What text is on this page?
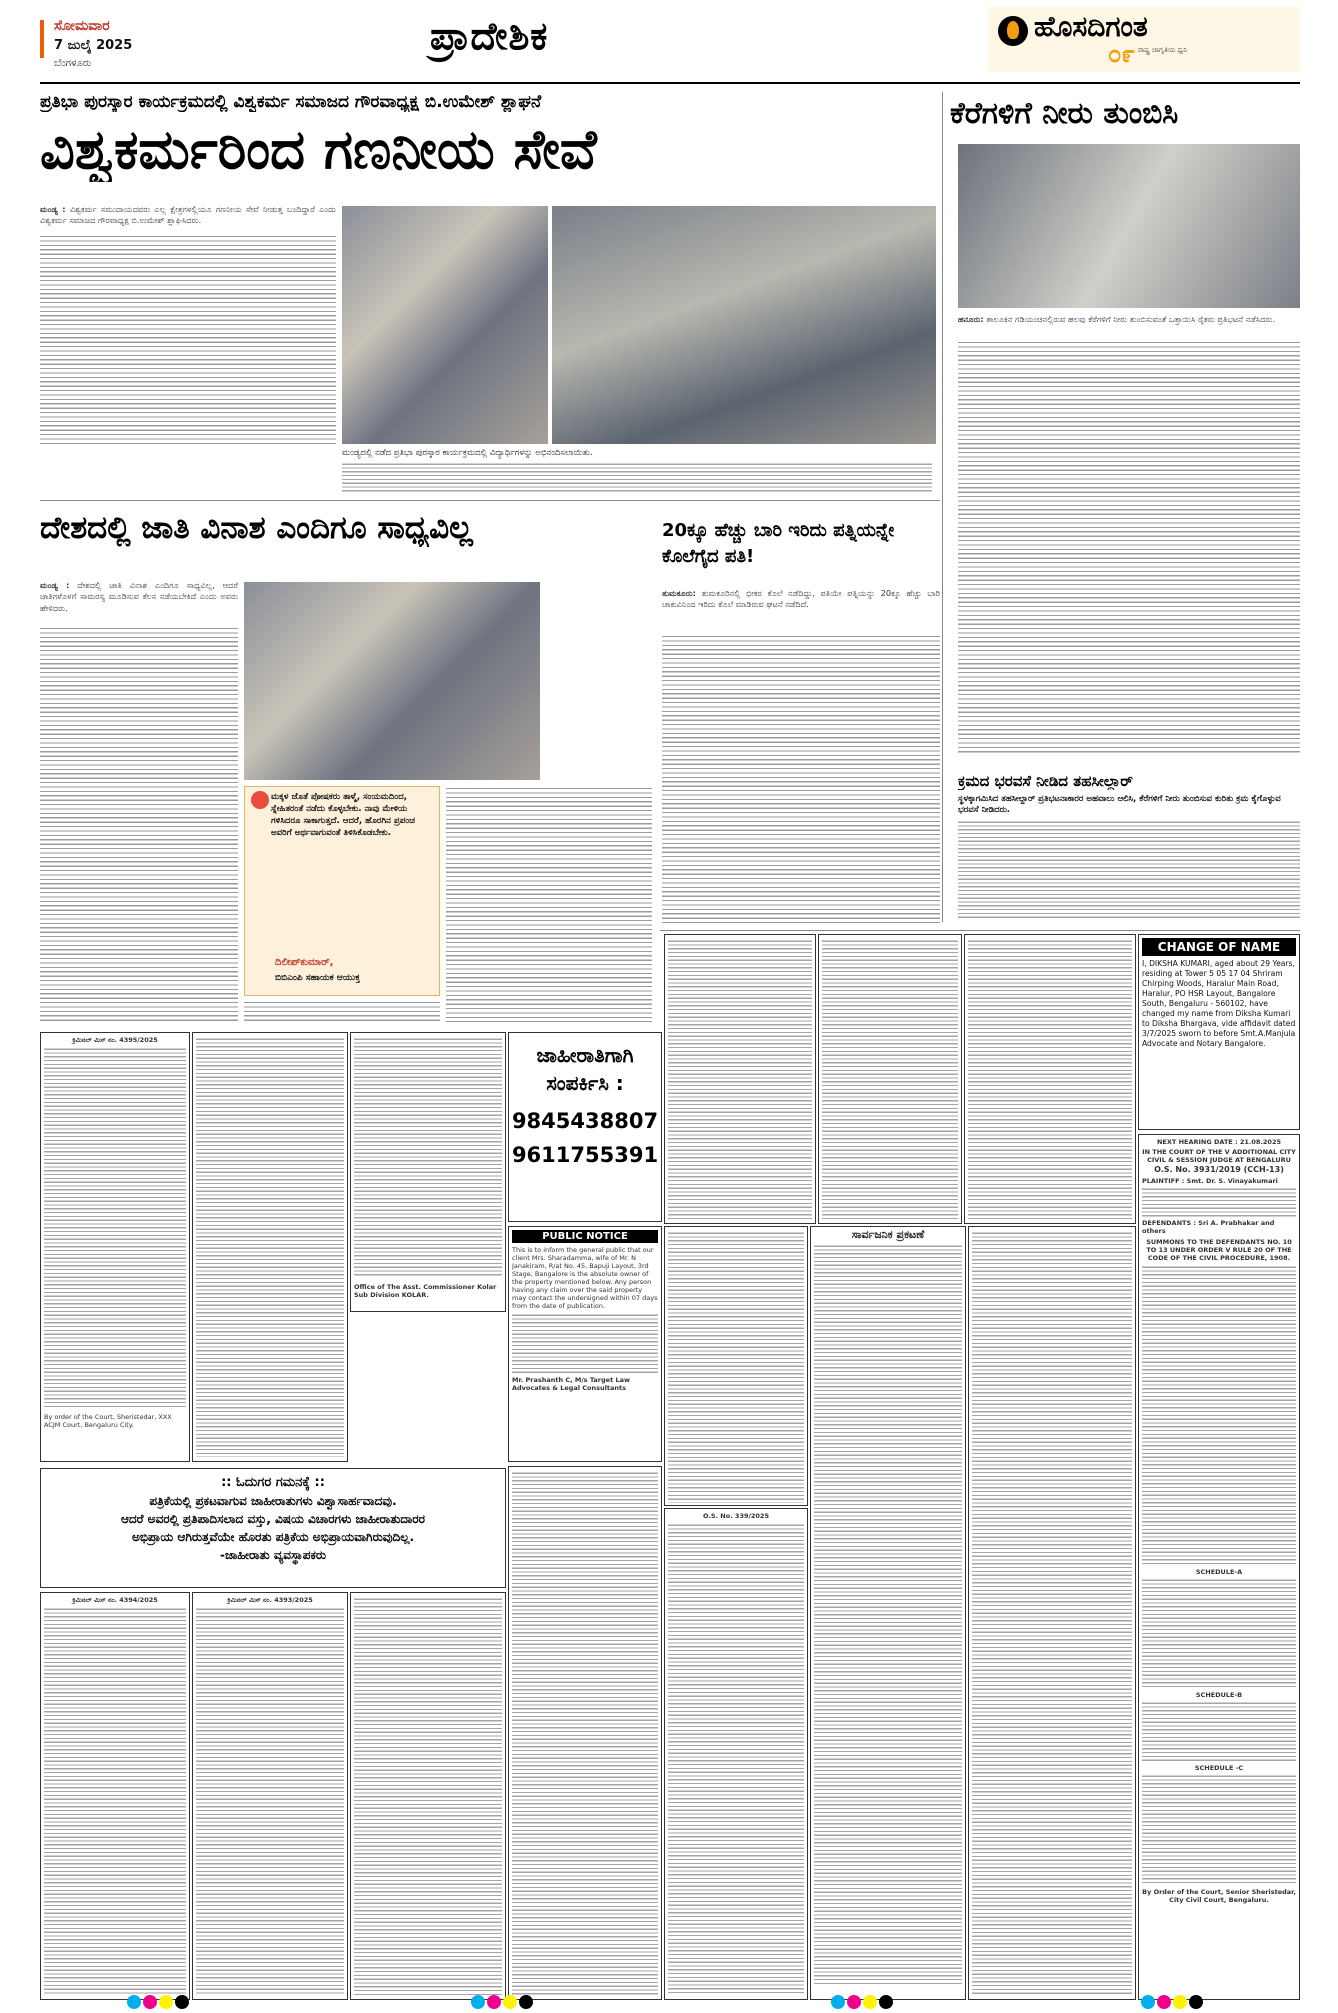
ಸೋಮವಾರ
7 ಜುಲೈ 2025
ಬೆಂಗಳೂರು
ಪ್ರಾದೇಶಿಕ	ಹೊಸದಿಗಂತ
ರಾಷ್ಟ್ರ ಜಾಗೃತಿಯ ಧ್ವನಿ
೦೯
ಪ್ರತಿಭಾ ಪುರಸ್ಕಾರ ಕಾರ್ಯಕ್ರಮದಲ್ಲಿ ವಿಶ್ವಕರ್ಮ ಸಮಾಜದ ಗೌರವಾಧ್ಯಕ್ಷ ಬಿ.ಉಮೇಶ್ ಶ್ಲಾಘನೆ
ವಿಶ್ವಕರ್ಮರಿಂದ ಗಣನೀಯ ಸೇವೆ
ಮಂಡ್ಯ : ವಿಶ್ವಕರ್ಮ ಸಮುದಾಯದವರು ಎಲ್ಲ ಕ್ಷೇತ್ರಗಳಲ್ಲಿಯೂ ಗಣನೀಯ ಸೇವೆ ನೀಡುತ್ತ ಬಂದಿದ್ದಾರೆ ಎಂದು ವಿಶ್ವಕರ್ಮ ಸಮಾಜದ ಗೌರವಾಧ್ಯಕ್ಷ ಬಿ.ಉಮೇಶ್ ಶ್ಲಾಘಿಸಿದರು.
ಮಂಡ್ಯದಲ್ಲಿ ನಡೆದ ಪ್ರತಿಭಾ ಪುರಸ್ಕಾರ ಕಾರ್ಯಕ್ರಮದಲ್ಲಿ ವಿದ್ಯಾರ್ಥಿಗಳನ್ನು ಅಭಿನಂದಿಸಲಾಯಿತು.
ಕೆರೆಗಳಿಗೆ ನೀರು ತುಂಬಿಸಿ
ಹನೂರು: ತಾಲೂಕಿನ ಗಡಿಯಂಚಿನಲ್ಲಿರುವ ಹಲವು ಕೆರೆಗಳಿಗೆ ನೀರು ತುಂಬಿಸುವಂತೆ ಒತ್ತಾಯಿಸಿ ರೈತರು ಪ್ರತಿಭಟನೆ ನಡೆಸಿದರು.
ಕ್ರಮದ ಭರವಸೆ ನೀಡಿದ ತಹಸೀಲ್ದಾರ್
ಸ್ಥಳಕ್ಕಾಗಮಿಸಿದ ತಹಸೀಲ್ದಾರ್ ಪ್ರತಿಭಟನಾಕಾರರ ಅಹವಾಲು ಆಲಿಸಿ, ಕೆರೆಗಳಿಗೆ ನೀರು ತುಂಬಿಸುವ ಕುರಿತು ಕ್ರಮ ಕೈಗೊಳ್ಳುವ ಭರವಸೆ ನೀಡಿದರು.
ದೇಶದಲ್ಲಿ ಜಾತಿ ವಿನಾಶ ಎಂದಿಗೂ ಸಾಧ್ಯವಿಲ್ಲ
ಮಂಡ್ಯ : ದೇಶದಲ್ಲಿ ಜಾತಿ ವಿನಾಶ ಎಂದಿಗೂ ಸಾಧ್ಯವಿಲ್ಲ, ಆದರೆ ಜಾತಿಗಳೊಳಗೆ ಸಾಮರಸ್ಯ ಮೂಡಿಸುವ ಕೆಲಸ ನಡೆಯಬೇಕಿದೆ ಎಂದು ಅವರು ಹೇಳಿದರು.
ಮಕ್ಕಳ ಜೊತೆ ಪೋಷಕರು ತಾಳ್ಮೆ, ಸಂಯಮದಿಂದ, ಸ್ನೇಹಿತರಂತೆ ನಡೆದು ಕೊಳ್ಳಬೇಕು. ನಾವು ಮೇಳಿಯ ಗಳಿಸಿದರೂ ಸಾಕಾಗುತ್ತದೆ. ಆದರೆ, ಹೊರಗಿನ ಪ್ರಪಂಚ ಅವರಿಗೆ ಅರ್ಥವಾಗುವಂತೆ ತಿಳಿಸಿಕೊಡಬೇಕು.
ದಿಲೀಪ್‌ಕುಮಾರ್,
ಬಿಬಿಎಂಪಿ ಸಹಾಯಕ ಆಯುಕ್ತ
20ಕ್ಕೂ ಹೆಚ್ಚು ಬಾರಿ ಇರಿದು ಪತ್ನಿಯನ್ನೇ ಕೊಲೆಗೈದ ಪತಿ!
ತುಮಕೂರು: ತುಮಕೂರಿನಲ್ಲಿ ಭೀಕರ ಕೊಲೆ ನಡೆದಿದ್ದು, ಪತಿಯೇ ಪತ್ನಿಯನ್ನು 20ಕ್ಕೂ ಹೆಚ್ಚು ಬಾರಿ ಚಾಕುವಿನಿಂದ ಇರಿದು ಕೊಲೆ ಮಾಡಿರುವ ಘಟನೆ ನಡೆದಿದೆ.
ಕ್ರಿಮಿನಲ್ ಮಿಸ್ ನಂ. 4395/2025
By order of the Court, Sheristedar, XXX ACJM Court, Bengaluru City.
Office of The Asst. Commissioner Kolar Sub Division KOLAR.
ಜಾಹೀರಾತಿಗಾಗಿ
ಸಂಪರ್ಕಿಸಿ :
9845438807
9611755391
PUBLIC NOTICE
This is to inform the general public that our client Mrs. Sharadamma, wife of Mr. N Janakiram, R/at No. 45, Bapuji Layout, 3rd Stage, Bangalore is the absolute owner of the property mentioned below. Any person having any claim over the said property may contact the undersigned within 07 days from the date of publication.
Mr. Prashanth C, M/s Target Law Advocates & Legal Consultants
CHANGE OF NAME
I, DIKSHA KUMARI, aged about 29 Years, residing at Tower 5 05 17 04 Shriram Chirping Woods, Haralur Main Road, Haralur, PO HSR Layout, Bangalore South, Bengaluru - 560102, have changed my name from Diksha Kumari to Diksha Bhargava, vide affidavit dated 3/7/2025 sworn to before Smt.A.Manjula Advocate and Notary Bangalore.
NEXT HEARING DATE : 21.08.2025
IN THE COURT OF THE V ADDITIONAL CITY CIVIL & SESSION JUDGE AT BENGALURU
O.S. No. 3931/2019 (CCH-13)
PLAINTIFF : Smt. Dr. S. Vinayakumari
DEFENDANTS : Sri A. Prabhakar and others
SUMMONS TO THE DEFENDANTS NO. 10 TO 13 UNDER ORDER V RULE 20 OF THE CODE OF THE CIVIL PROCEDURE, 1908.
SCHEDULE-A
SCHEDULE-B
SCHEDULE -C
By Order of the Court, Senior Sheristedar, City Civil Court, Bengaluru.
ಸಾರ್ವಜನಿಕ ಪ್ರಕಟಣೆ
:: ಓದುಗರ ಗಮನಕ್ಕೆ ::
ಪತ್ರಿಕೆಯಲ್ಲಿ ಪ್ರಕಟವಾಗುವ ಜಾಹೀರಾತುಗಳು ವಿಶ್ವಾಸಾರ್ಹವಾದವು.
ಆದರೆ ಅವರಲ್ಲಿ ಪ್ರತಿಪಾದಿಸಲಾದ ವಸ್ತು, ವಿಷಯ ವಿಚಾರಗಳು ಜಾಹೀರಾತುದಾರರ
ಅಭಿಪ್ರಾಯ ಆಗಿರುತ್ತವೆಯೇ ಹೊರತು ಪತ್ರಿಕೆಯ ಅಭಿಪ್ರಾಯವಾಗಿರುವುದಿಲ್ಲ.
-ಜಾಹೀರಾತು ವ್ಯವಸ್ಥಾಪಕರು
O.S. No. 339/2025
ಕ್ರಿಮಿನಲ್ ಮಿಸ್ ನಂ. 4394/2025	ಕ್ರಿಮಿನಲ್ ಮಿಸ್ ನಂ. 4393/2025
